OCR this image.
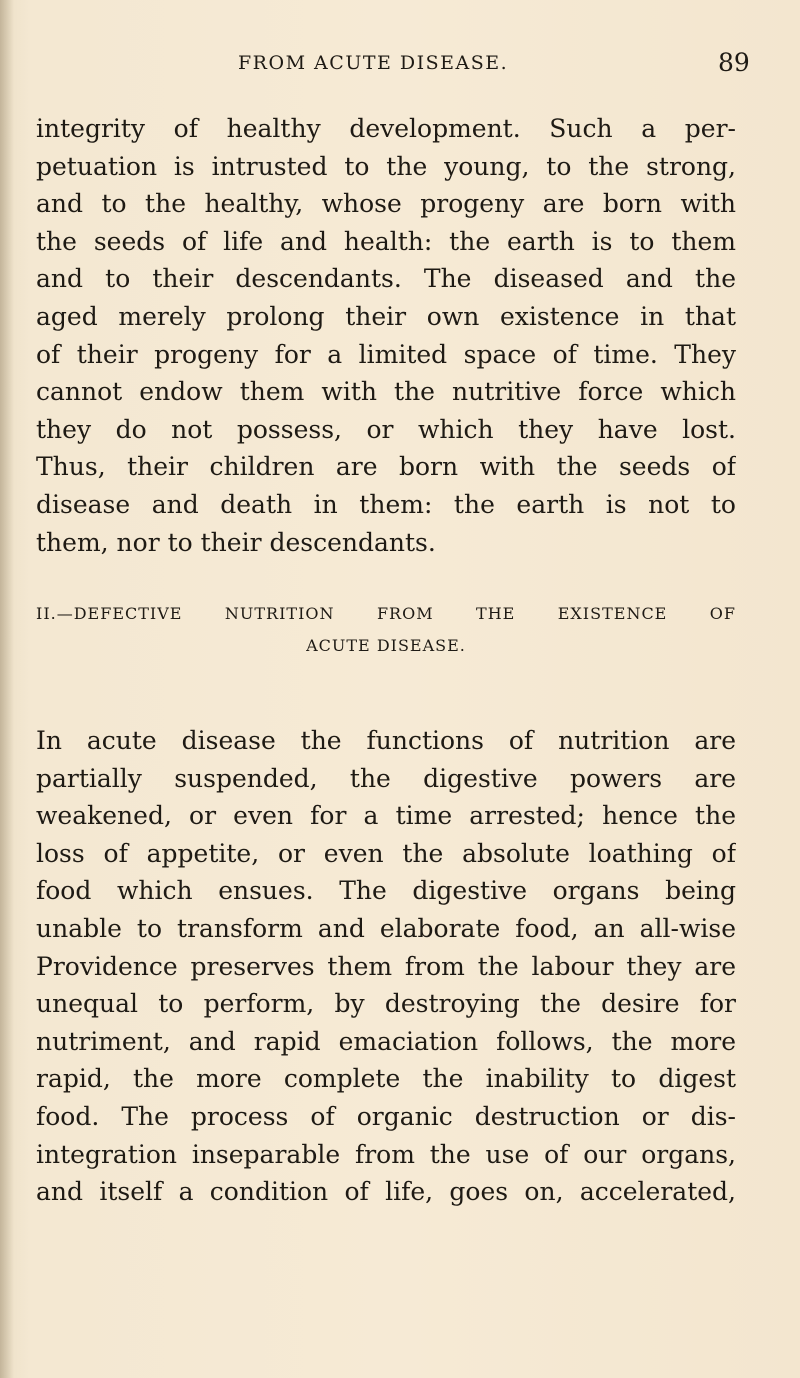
FROM ACUTE DISEASE.	89
integrity of healthy development. Such a per-
petuation is intrusted to the young, to the strong,
and to the healthy, whose progeny are born with
the seeds of life and health: the earth is to them
and to their descendants. The diseased and the
aged merely prolong their own existence in that
of their progeny for a limited space of time. They
cannot endow them with the nutritive force which
they do not possess, or which they have lost.
Thus, their children are born with the seeds of
disease and death in them: the earth is not to
them, nor to their descendants.
II.—DEFECTIVE NUTRITION FROM THE EXISTENCE OF
ACUTE DISEASE.
In acute disease the functions of nutrition are
partially suspended, the digestive powers are
weakened, or even for a time arrested; hence the
loss of appetite, or even the absolute loathing of
food which ensues. The digestive organs being
unable to transform and elaborate food, an all-wise
Providence preserves them from the labour they are
unequal to perform, by destroying the desire for
nutriment, and rapid emaciation follows, the more
rapid, the more complete the inability to digest
food. The process of organic destruction or dis-
integration inseparable from the use of our organs,
and itself a condition of life, goes on, accelerated,
